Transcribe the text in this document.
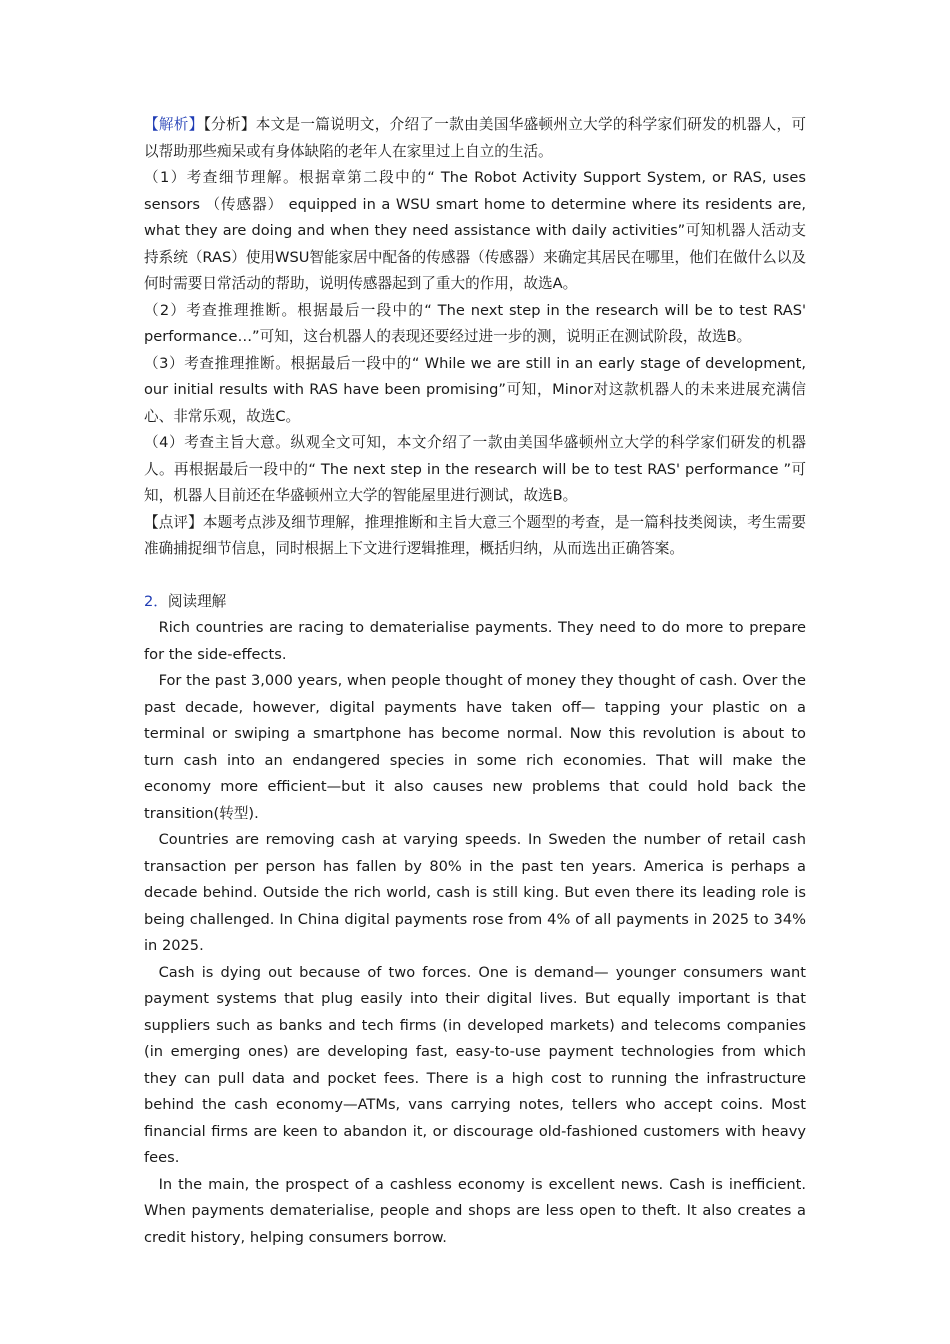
【解析】【分析】本文是一篇说明文，介绍了一款由美国华盛顿州立大学的科学家们研发的机器人，可以帮助那些痴呆或有身体缺陷的老年人在家里过上自立的生活。

（1）考查细节理解。根据章第二段中的“ The Robot Activity Support System, or RAS, uses sensors （传感器） equipped in a WSU smart home to determine where its residents are, what they are doing and when they need assistance with daily activities”可知机器人活动支持系统（RAS）使用WSU智能家居中配备的传感器（传感器）来确定其居民在哪里，他们在做什么以及何时需要日常活动的帮助，说明传感器起到了重大的作用，故选A。

（2）考查推理推断。根据最后一段中的“ The next step in the research will be to test RAS' performance…”可知，这台机器人的表现还要经过进一步的测，说明正在测试阶段，故选B。

（3）考查推理推断。根据最后一段中的“ While we are still in an early stage of development, our initial results with RAS have been promising”可知，Minor对这款机器人的未来进展充满信心、非常乐观，故选C。

（4）考查主旨大意。纵观全文可知，本文介绍了一款由美国华盛顿州立大学的科学家们研发的机器人。再根据最后一段中的“ The next step in the research will be to test RAS' performance ”可知，机器人目前还在华盛顿州立大学的智能屋里进行测试，故选B。

【点评】本题考点涉及细节理解，推理推断和主旨大意三个题型的考查，是一篇科技类阅读，考生需要准确捕捉细节信息，同时根据上下文进行逻辑推理，概括归纳，从而选出正确答案。

2．阅读理解

Rich countries are racing to dematerialise payments. They need to do more to prepare for the side-effects.

For the past 3,000 years, when people thought of money they thought of cash. Over the past decade, however, digital payments have taken off— tapping your plastic on a terminal or swiping a smartphone has become normal. Now this revolution is about to turn cash into an endangered species in some rich economies. That will make the economy more efficient—but it also causes new problems that could hold back the transition(转型).

Countries are removing cash at varying speeds. In Sweden the number of retail cash transaction per person has fallen by 80% in the past ten years. America is perhaps a decade behind. Outside the rich world, cash is still king. But even there its leading role is being challenged. In China digital payments rose from 4% of all payments in 2025 to 34% in 2025.

Cash is dying out because of two forces. One is demand— younger consumers want payment systems that plug easily into their digital lives. But equally important is that suppliers such as banks and tech firms (in developed markets) and telecoms companies (in emerging ones) are developing fast, easy-to-use payment technologies from which they can pull data and pocket fees. There is a high cost to running the infrastructure behind the cash economy—ATMs, vans carrying notes, tellers who accept coins. Most financial firms are keen to abandon it, or discourage old-fashioned customers with heavy fees.

In the main, the prospect of a cashless economy is excellent news. Cash is inefficient. When payments dematerialise, people and shops are less open to theft. It also creates a credit history, helping consumers borrow.
